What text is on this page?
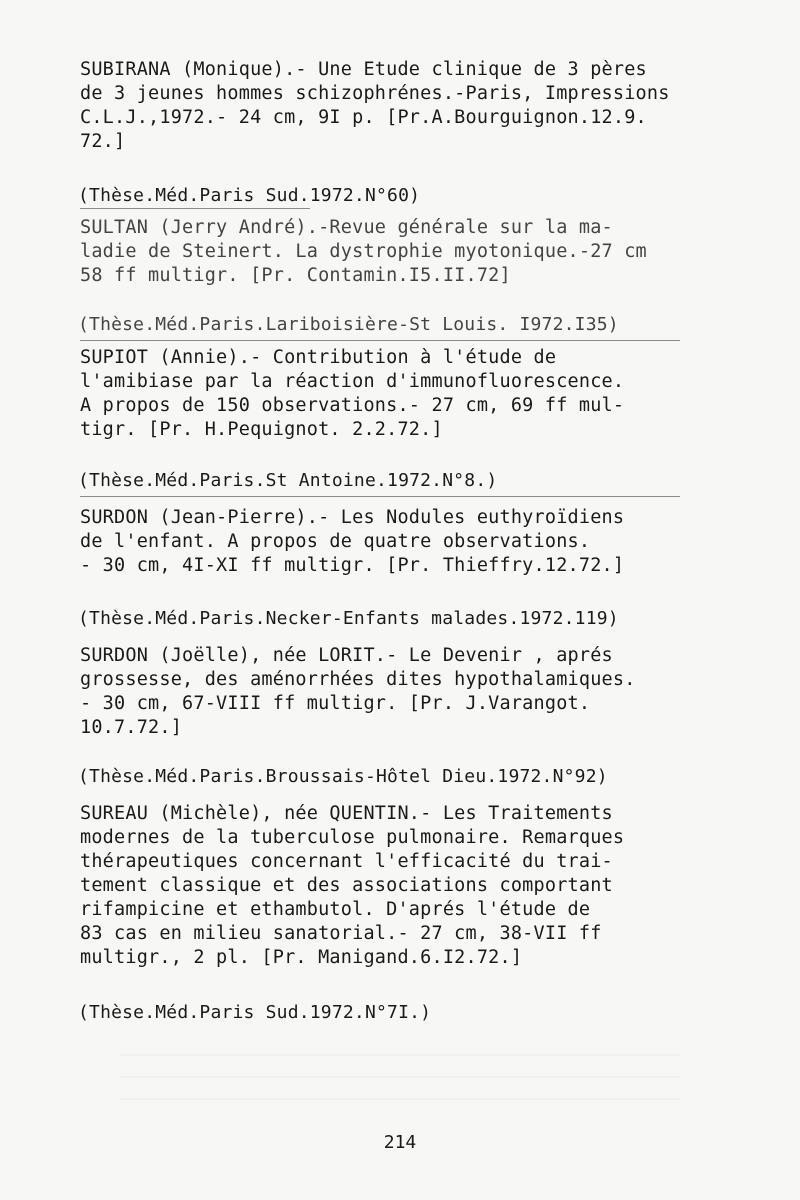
SUBIRANA (Monique).- Une Etude clinique de 3 pères
de 3 jeunes hommes schizophrénes.-Paris, Impressions
C.L.J.,1972.- 24 cm, 9I p. [Pr.A.Bourguignon.12.9.
72.]
(Thèse.Méd.Paris Sud.1972.N°60)
SULTAN (Jerry André).-Revue générale sur la ma-
ladie de Steinert. La dystrophie myotonique.-27 cm
58 ff multigr. [Pr. Contamin.I5.II.72]
(Thèse.Méd.Paris.Lariboisière-St Louis. I972.I35)
SUPIOT (Annie).- Contribution à l'étude de
l'amibiase par la réaction d'immunofluorescence.
A propos de 150 observations.- 27 cm, 69 ff mul-
tigr. [Pr. H.Pequignot. 2.2.72.]
(Thèse.Méd.Paris.St Antoine.1972.N°8.)
SURDON (Jean-Pierre).- Les Nodules euthyroïdiens
de l'enfant. A propos de quatre observations.
- 30 cm, 4I-XI ff multigr. [Pr. Thieffry.12.72.]
(Thèse.Méd.Paris.Necker-Enfants malades.1972.119)
SURDON (Joëlle), née LORIT.- Le Devenir , aprés
grossesse, des aménorrhées dites hypothalamiques.
- 30 cm, 67-VIII ff multigr. [Pr. J.Varangot.
10.7.72.]
(Thèse.Méd.Paris.Broussais-Hôtel Dieu.1972.N°92)
SUREAU (Michèle), née QUENTIN.- Les Traitements
modernes de la tuberculose pulmonaire. Remarques
thérapeutiques concernant l'efficacité du trai-
tement classique et des associations comportant
rifampicine et ethambutol. D'aprés l'étude de
83 cas en milieu sanatorial.- 27 cm, 38-VII ff
multigr., 2 pl. [Pr. Manigand.6.I2.72.]
(Thèse.Méd.Paris Sud.1972.N°7I.)
214
